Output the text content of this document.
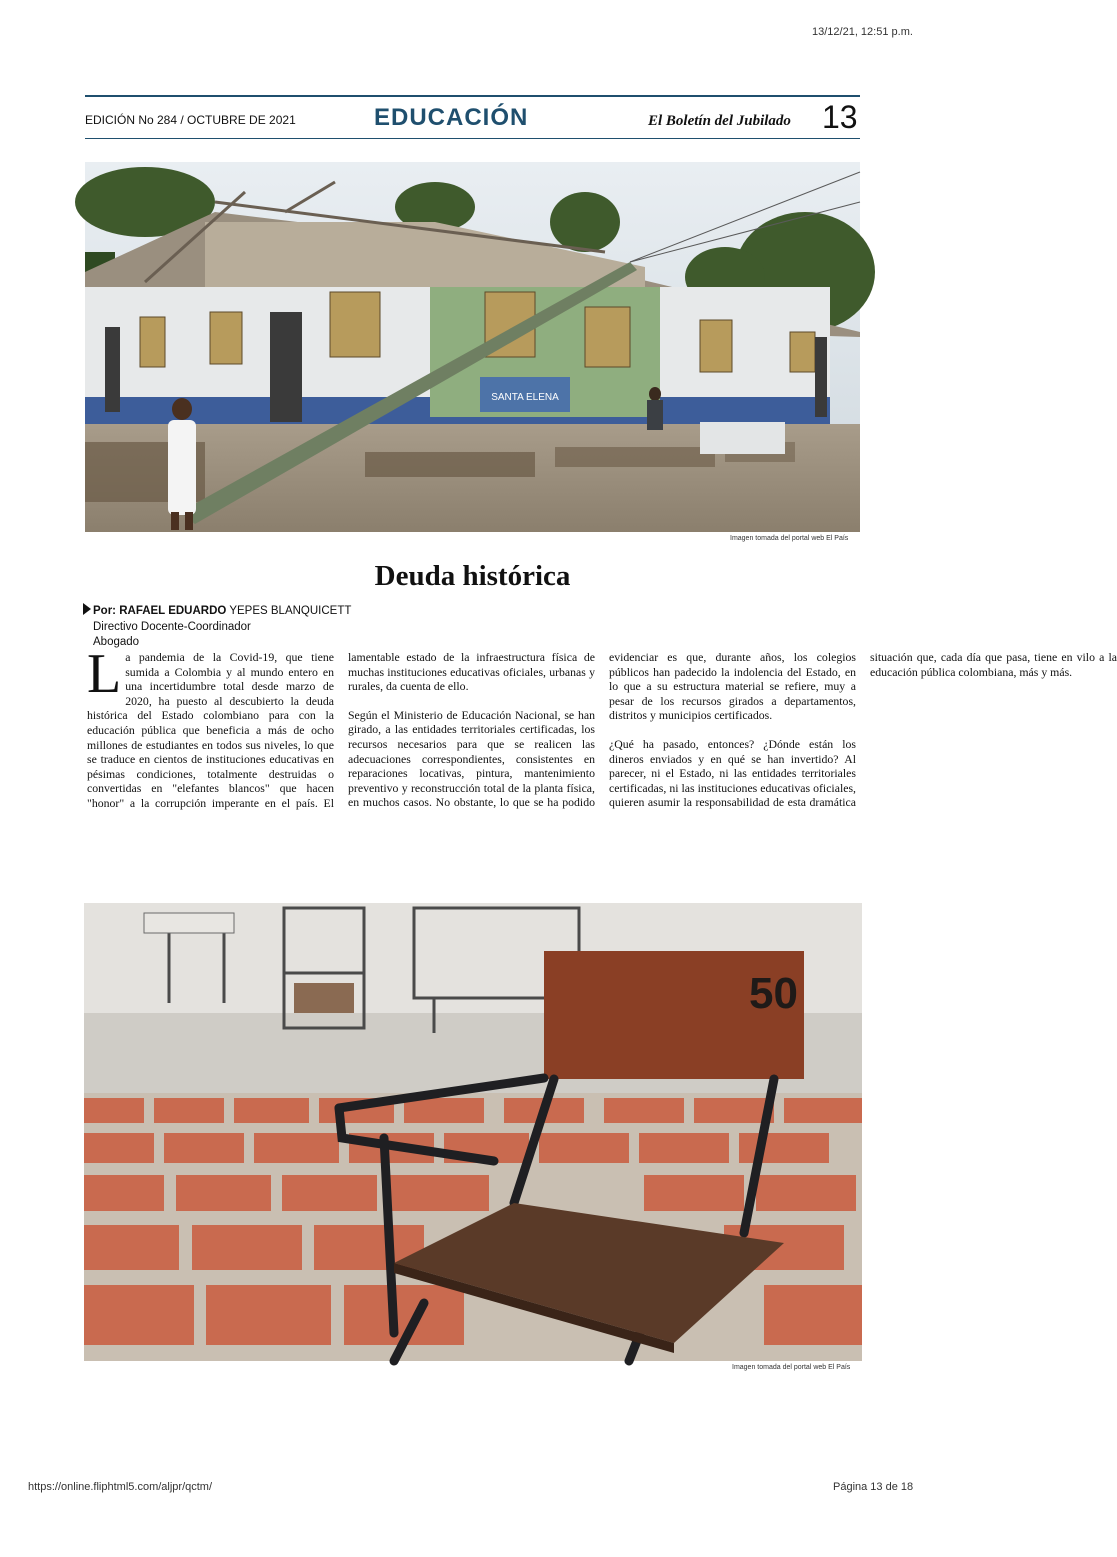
13/12/21, 12:51 p.m.
EDICIÓN No 284 / OCTUBRE DE 2021	EDUCACIÓN	El Boletín del Jubilado 13
SANTA ELENA
Imagen tomada del portal web El País
Deuda histórica
Por: RAFAEL EDUARDO YEPES BLANQUICETT
Directivo Docente-Coordinador
Abogado

La pandemia de la Covid-19, que tiene sumida a Colombia y al mundo entero en una incertidumbre total desde marzo de 2020, ha puesto al descubierto la deuda histórica del Estado colombiano para con la educación pública que beneficia a más de ocho millones de estudiantes en todos sus niveles, lo que se traduce en cientos de instituciones educativas en pésimas condiciones, totalmente destruidas o convertidas en "elefantes blancos" que hacen "honor" a la corrupción imperante en el país. El lamentable estado de la infraestructura física de muchas instituciones educativas oficiales, urbanas y rurales, da cuenta de ello.

Según el Ministerio de Educación Nacional, se han girado, a las entidades territoriales certificadas, los recursos necesarios para que se realicen las adecuaciones correspondientes, consistentes en reparaciones locativas, pintura, mantenimiento preventivo y reconstrucción total de la planta física, en muchos casos. No obstante, lo que se ha podido evidenciar es que, durante años, los colegios públicos han padecido la indolencia del Estado, en lo que a su estructura material se refiere, muy a pesar de los recursos girados a departamentos, distritos y municipios certificados.

¿Qué ha pasado, entonces? ¿Dónde están los dineros enviados y en qué se han invertido? Al parecer, ni el Estado, ni las entidades territoriales certificadas, ni las instituciones educativas oficiales, quieren asumir la responsabilidad de esta dramática situación que, cada día que pasa, tiene en vilo a la educación pública colombiana, más y más.

50
Imagen tomada del portal web El País
https://online.fliphtml5.com/aljpr/qctm/	Página 13 de 18
